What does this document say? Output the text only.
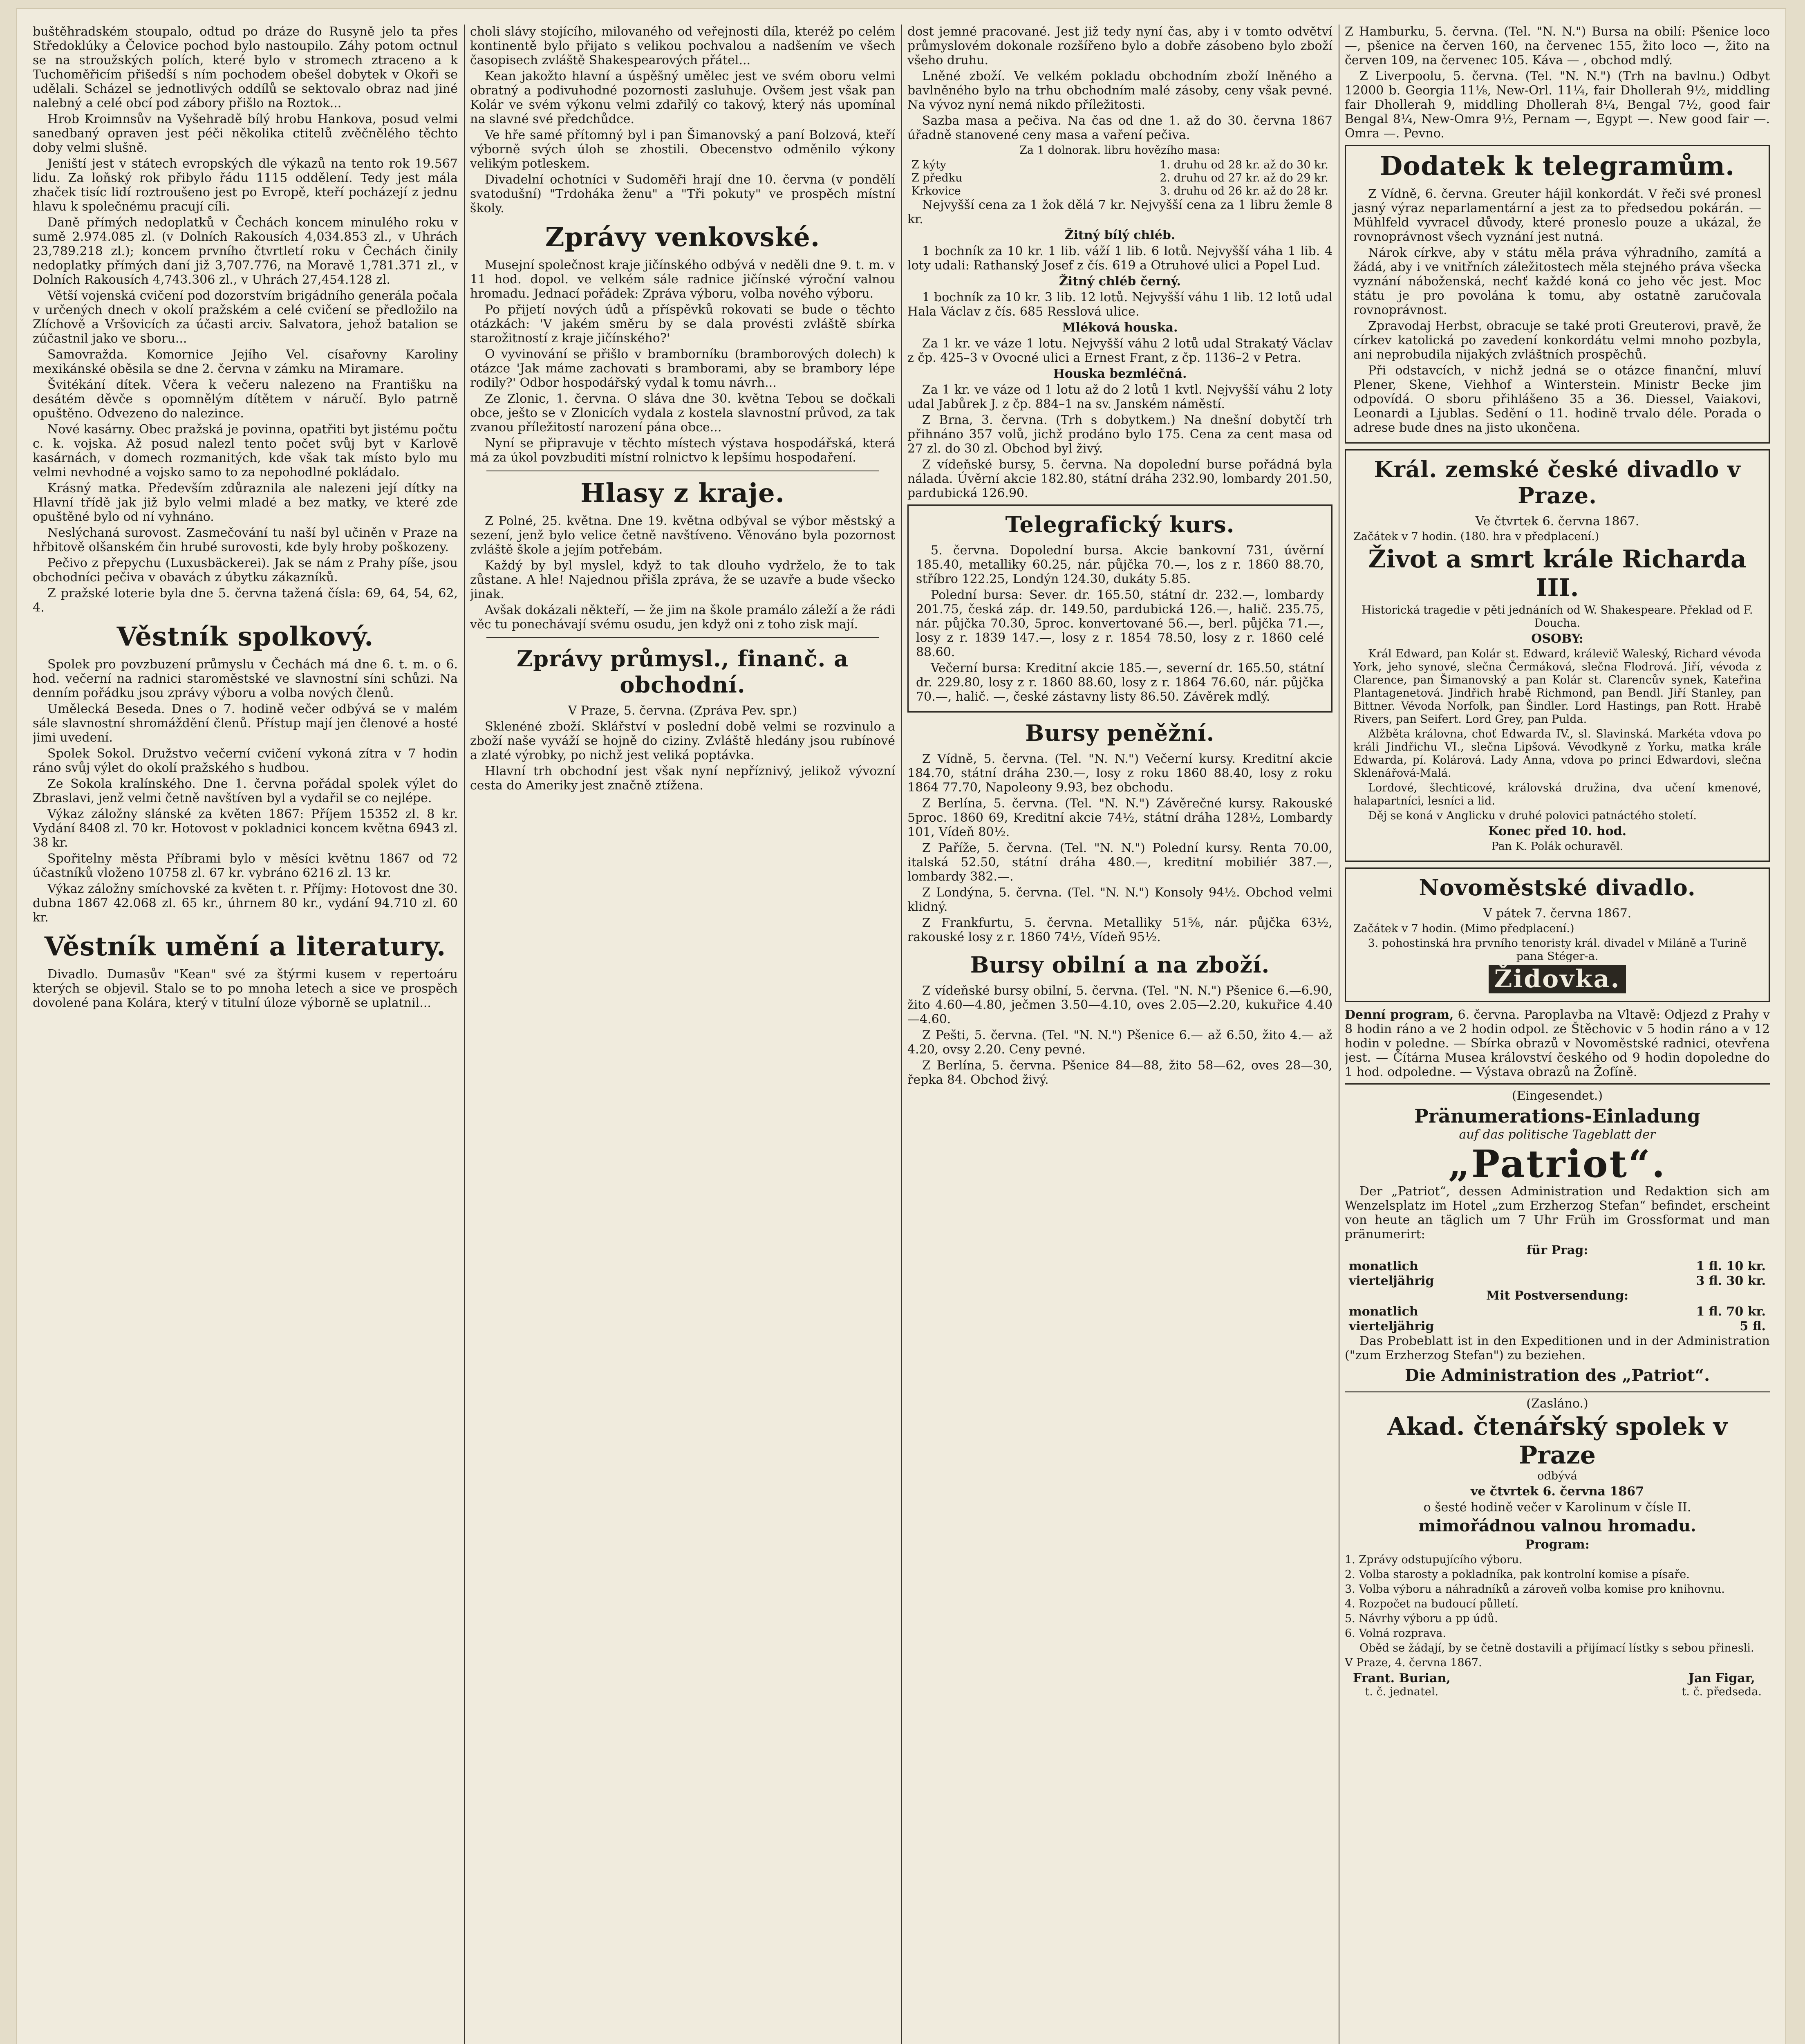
buštěhradském stoupalo, odtud po dráze do Rusyně jelo ta přes Středoklúky a Čelovice pochod bylo nastoupilo. Záhy potom octnul se na stroužských polích, které bylo v stromech ztraceno a k Tuchoměřicím přišedší s ním pochodem obešel dobytek v Okoři se udělali. Scházel se jednotlivých oddílů se sektovalo obraz nad jiné nalebný a celé obcí pod zábory přišlo na Roztok...

Hrob Kroimnsův na Vyšehradě bílý hrobu Hankova, posud velmi sanedbaný opraven jest péči několika ctitelů zvěčnělého těchto doby velmi slušně.

Jeniští jest v státech evropských dle výkazů na tento rok 19.567 lidu. Za loňský rok přibylo řádu 1115 oddělení. Tedy jest mála zhaček tisíc lidí roztroušeno jest po Evropě, kteří pocházejí z jednu hlavu k společnému pracují cíli.

Daně přímých nedoplatků v Čechách koncem minulého roku v sumě 2.974.085 zl. (v Dolních Rakousích 4,034.853 zl., v Uhrách 23,789.218 zl.); koncem prvního čtvrtletí roku v Čechách činily nedoplatky přímých daní již 3,707.776, na Moravě 1,781.371 zl., v Dolních Rakousích 4,743.306 zl., v Uhrách 27,454.128 zl.

Větší vojenská cvičení pod dozorstvím brigádního generála počala v určených dnech v okolí pražském a celé cvičení se předložilo na Zlíchově a Vršovicích za účasti arciv. Salvatora, jehož batalion se zúčastnil jako ve sboru...

Samovražda. Komornice Jejího Vel. císařovny Karoliny mexikánské oběsila se dne 2. června v zámku na Miramare.

Švitékání dítek. Včera k večeru nalezeno na Františku na desátém děvče s opomnělým dítětem v náručí. Bylo patrně opuštěno. Odvezeno do nalezince.

Nové kasárny. Obec pražská je povinna, opatřiti byt jistému počtu c. k. vojska. Až posud nalezl tento počet svůj byt v Karlově kasárnách, v domech rozmanitých, kde však tak místo bylo mu velmi nevhodné a vojsko samo to za nepohodlné pokládalo.

Krásný matka. Především zdůraznila ale nalezeni její dítky na Hlavní třídě jak již bylo velmi mladé a bez matky, ve které zde opuštěné bylo od ní vyhnáno.

Neslýchaná surovost. Zasmečování tu naší byl učiněn v Praze na hřbitově olšanském čin hrubé surovosti, kde byly hroby poškozeny.

Pečivo z přepychu (Luxusbäckerei). Jak se nám z Prahy píše, jsou obchodníci pečiva v obavách z úbytku zákazníků.

Z pražské loterie byla dne 5. června tažená čísla: 69, 64, 54, 62, 4.

Věstník spolkový.

Spolek pro povzbuzení průmyslu v Čechách má dne 6. t. m. o 6. hod. večerní na radnici staroměstské ve slavnostní síni schůzi. Na denním pořádku jsou zprávy výboru a volba nových členů.

Umělecká Beseda. Dnes o 7. hodině večer odbývá se v malém sále slavnostní shromáždění členů. Přístup mají jen členové a hosté jimi uvedení.

Spolek Sokol. Družstvo večerní cvičení vykoná zítra v 7 hodin ráno svůj výlet do okolí pražského s hudbou.

Ze Sokola kralínského. Dne 1. června pořádal spolek výlet do Zbraslavi, jenž velmi četně navštíven byl a vydařil se co nejlépe.

Výkaz záložny slánské za květen 1867: Příjem 15352 zl. 8 kr. Vydání 8408 zl. 70 kr. Hotovost v pokladnici koncem května 6943 zl. 38 kr.

Spořitelny města Příbrami bylo v měsíci květnu 1867 od 72 účastníků vloženo 10758 zl. 67 kr. vybráno 6216 zl. 13 kr.

Výkaz záložny smíchovské za květen t. r. Příjmy: Hotovost dne 30. dubna 1867 42.068 zl. 65 kr., úhrnem 80 kr., vydání 94.710 zl. 60 kr.

Věstník umění a literatury.

Divadlo. Dumasův "Kean" své za štýrmi kusem v repertoáru kterých se objevil. Stalo se to po mnoha letech a sice ve prospěch dovolené pana Kolára, který v titulní úloze výborně se uplatnil...

choli slávy stojícího, milovaného od veřejnosti díla, kteréž po celém kontinentě bylo přijato s velikou pochvalou a nadšením ve všech časopisech zvláště Shakespearových přátel...

Kean jakožto hlavní a úspěšný umělec jest ve svém oboru velmi obratný a podivuhodné pozornosti zasluhuje. Ovšem jest však pan Kolár ve svém výkonu velmi zdařilý co takový, který nás upomínal na slavné své předchůdce.

Ve hře samé přítomný byl i pan Šimanovský a paní Bolzová, kteří výborně svých úloh se zhostili. Obecenstvo odměnilo výkony velikým potleskem.

Divadelní ochotníci v Sudoměři hrají dne 10. června (v pondělí svatodušní) "Trdoháka ženu" a "Tři pokuty" ve prospěch místní školy.

Zprávy venkovské.

Musejní společnost kraje jičínského odbývá v neděli dne 9. t. m. v 11 hod. dopol. ve velkém sále radnice jičínské výroční valnou hromadu. Jednací pořádek: Zpráva výboru, volba nového výboru.

Po přijetí nových údů a příspěvků rokovati se bude o těchto otázkách: 'V jakém směru by se dala provésti zvláště sbírka starožitností z kraje jičínského?'

O vyvinování se přišlo v bramborníku (bramborových dolech) k otázce 'Jak máme zachovati s bramborami, aby se brambory lépe rodily?' Odbor hospodářský vydal k tomu návrh...

Ze Zlonic, 1. června. O sláva dne 30. května Tebou se dočkali obce, ješto se v Zlonicích vydala z kostela slavnostní průvod, za tak zvanou příležitostí narození pána obce...

Nyní se připravuje v těchto místech výstava hospodářská, která má za úkol povzbuditi místní rolnictvo k lepšímu hospodaření.

Hlasy z kraje.

Z Polné, 25. května. Dne 19. května odbýval se výbor městský a sezení, jenž bylo velice četně navštíveno. Věnováno byla pozornost zvláště škole a jejím potřebám.

Každý by byl myslel, když to tak dlouho vydrželo, že to tak zůstane. A hle! Najednou přišla zpráva, že se uzavře a bude všecko jinak.

Avšak dokázali někteří, — že jim na škole pramálo záleží a že rádi věc tu ponechávají svému osudu, jen když oni z toho zisk mají.

Zprávy průmysl., finanč. a obchodní.

V Praze, 5. června. (Zpráva Pev. spr.)

Sklenéné zboží. Sklářství v poslední době velmi se rozvinulo a zboží naše vyváží se hojně do ciziny. Zvláště hledány jsou rubínové a zlaté výrobky, po nichž jest veliká poptávka.

Hlavní trh obchodní jest však nyní nepříznivý, jelikož vývozní cesta do Ameriky jest značně ztížena.

dost jemné pracované. Jest již tedy nyní čas, aby i v tomto odvětví průmyslovém dokonale rozšířeno bylo a dobře zásobeno bylo zboží všeho druhu.

Lněné zboží. Ve velkém pokladu obchodním zboží lněného a bavlněného bylo na trhu obchodním malé zásoby, ceny však pevné. Na vývoz nyní nemá nikdo příležitosti.

Sazba masa a pečiva. Na čas od dne 1. až do 30. června 1867 úřadně stanovené ceny masa a vaření pečiva.

Za 1 dolnorak. libru hovězího masa:

Z kýty	1. druhu od 28 kr. až do 30 kr.
Z předku	2. druhu od 27 kr. až do 29 kr.
Krkovice	3. druhu od 26 kr. až do 28 kr.

Nejvyšší cena za 1 žok dělá 7 kr. Nejvyšší cena za 1 libru žemle 8 kr.

Žitný bílý chléb.

1 bochník za 10 kr. 1 lib. váží 1 lib. 6 lotů. Nejvyšší váha 1 lib. 4 loty udali: Rathanský Josef z čís. 619 a Otruhové ulici a Popel Lud.

Žitný chléb černý.

1 bochník za 10 kr. 3 lib. 12 lotů. Nejvyšší váhu 1 lib. 12 lotů udal Hala Václav z čís. 685 Resslová ulice.

Mléková houska.

Za 1 kr. ve váze 1 lotu. Nejvyšší váhu 2 lotů udal Strakatý Václav z čp. 425–3 v Ovocné ulici a Ernest Frant, z čp. 1136–2 v Petra.

Houska bezmléčná.

Za 1 kr. ve váze od 1 lotu až do 2 lotů 1 kvtl. Nejvyšší váhu 2 loty udal Jabůrek J. z čp. 884–1 na sv. Janském náměstí.

Z Brna, 3. června. (Trh s dobytkem.) Na dnešní dobytčí trh přihnáno 357 volů, jichž prodáno bylo 175. Cena za cent masa od 27 zl. do 30 zl. Obchod byl živý.

Z vídeňské bursy, 5. června. Na dopolední burse pořádná byla nálada. Úvěrní akcie 182.80, státní dráha 232.90, lombardy 201.50, pardubická 126.90.

Telegrafický kurs.

5. června. Dopolední bursa. Akcie bankovní 731, úvěrní 185.40, metalliky 60.25, nár. půjčka 70.—, los z r. 1860 88.70, stříbro 122.25, Londýn 124.30, dukáty 5.85.

Polední bursa: Sever. dr. 165.50, státní dr. 232.—, lombardy 201.75, česká záp. dr. 149.50, pardubická 126.—, halič. 235.75, nár. půjčka 70.30, 5proc. konvertované 56.—, berl. půjčka 71.—, losy z r. 1839 147.—, losy z r. 1854 78.50, losy z r. 1860 celé 88.60.

Večerní bursa: Kreditní akcie 185.—, severní dr. 165.50, státní dr. 229.80, losy z r. 1860 88.60, losy z r. 1864 76.60, nár. půjčka 70.—, halič. —, české zástavny listy 86.50. Závěrek mdlý.

Bursy peněžní.

Z Vídně, 5. června. (Tel. "N. N.") Večerní kursy. Kreditní akcie 184.70, státní dráha 230.—, losy z roku 1860 88.40, losy z roku 1864 77.70, Napoleony 9.93, bez obchodu.

Z Berlína, 5. června. (Tel. "N. N.") Závěrečné kursy. Rakouské 5proc. 1860 69, Kreditní akcie 74½, státní dráha 128½, Lombardy 101, Vídeň 80½.

Z Paříže, 5. června. (Tel. "N. N.") Polední kursy. Renta 70.00, italská 52.50, státní dráha 480.—, kreditní mobiliér 387.—, lombardy 382.—.

Z Londýna, 5. června. (Tel. "N. N.") Konsoly 94½. Obchod velmi klidný.

Z Frankfurtu, 5. června. Metalliky 51⅝, nár. půjčka 63½, rakouské losy z r. 1860 74½, Vídeň 95½.

Bursy obilní a na zboží.

Z vídeňské bursy obilní, 5. června. (Tel. "N. N.") Pšenice 6.—6.90, žito 4.60—4.80, ječmen 3.50—4.10, oves 2.05—2.20, kukuřice 4.40—4.60.

Z Pešti, 5. června. (Tel. "N. N.") Pšenice 6.— až 6.50, žito 4.— až 4.20, ovsy 2.20. Ceny pevné.

Z Berlína, 5. června. Pšenice 84—88, žito 58—62, oves 28—30, řepka 84. Obchod živý.

Z Hamburku, 5. června. (Tel. "N. N.") Bursa na obilí: Pšenice loco —, pšenice na červen 160, na červenec 155, žito loco —, žito na červen 109, na červenec 105. Káva — , obchod mdlý.

Z Liverpoolu, 5. června. (Tel. "N. N.") (Trh na bavlnu.) Odbyt 12000 b. Georgia 11⅛, New-Orl. 11¼, fair Dhollerah 9½, middling fair Dhollerah 9, middling Dhollerah 8¼, Bengal 7½, good fair Bengal 8¼, New-Omra 9½, Pernam —, Egypt —. New good fair —. Omra —. Pevno.

Dodatek k telegramům.

Z Vídně, 6. června. Greuter hájil konkordát. V řeči své pronesl jasný výraz neparlamentární a jest za to předsedou pokárán. — Mühlfeld vyvracel důvody, které proneslo pouze a ukázal, že rovnoprávnost všech vyznání jest nutná.

Nárok církve, aby v státu měla práva výhradního, zamítá a žádá, aby i ve vnitřních záležitostech měla stejného práva všecka vyznání náboženská, nechť každé koná co jeho věc jest. Moc státu je pro povolána k tomu, aby ostatně zaručovala rovnoprávnost.

Zpravodaj Herbst, obracuje se také proti Greuterovi, pravě, že církev katolická po zavedení konkordátu velmi mnoho pozbyla, ani neprobudila nijakých zvláštních prospěchů.

Při odstavcích, v nichž jedná se o otázce finanční, mluví Plener, Skene, Viehhof a Winterstein. Ministr Becke jim odpovídá. O sboru přihlášeno 35 a 36. Diessel, Vaiakovi, Leonardi a Ljublas. Sedění o 11. hodině trvalo déle. Porada o adrese bude dnes na jisto ukončena.

Král. zemské české divadlo v Praze.

Ve čtvrtek 6. června 1867.

Začátek v 7 hodin. (180. hra v předplacení.)

Život a smrt krále Richarda III.

Historická tragedie v pěti jednáních od W. Shakespeare. Překlad od F. Doucha.

OSOBY:

Král Edward, pan Kolár st. Edward, králevič Waleský, Richard vévoda York, jeho synové, slečna Čermáková, slečna Flodrová. Jiří, vévoda z Clarence, pan Šimanovský a pan Kolár st. Clarencův synek, Kateřina Plantagenetová. Jindřich hrabě Richmond, pan Bendl. Jiří Stanley, pan Bittner. Vévoda Norfolk, pan Šindler. Lord Hastings, pan Rott. Hrabě Rivers, pan Seifert. Lord Grey, pan Pulda.

Alžběta královna, choť Edwarda IV., sl. Slavinská. Markéta vdova po králi Jindřichu VI., slečna Lipšová. Vévodkyně z Yorku, matka krále Edwarda, pí. Kolárová. Lady Anna, vdova po princi Edwardovi, slečna Sklenářová-Malá.

Lordové, šlechticové, královská družina, dva učení kmenové, halapartníci, lesníci a lid.

Děj se koná v Anglicku v druhé polovici patnáctého století.

Konec před 10. hod.

Pan K. Polák ochuravěl.

Novoměstské divadlo.

V pátek 7. června 1867.

Začátek v 7 hodin. (Mimo předplacení.)

3. pohostinská hra prvního tenoristy král. divadel v Miláně a Turině pana Stéger-a.

Židovka.

Denní program, 6. června. Paroplavba na Vltavě: Odjezd z Prahy v 8 hodin ráno a ve 2 hodin odpol. ze Štěchovic v 5 hodin ráno a v 12 hodin v poledne. — Sbírka obrazů v Novoměstské radnici, otevřena jest. — Čítárna Musea království českého od 9 hodin dopoledne do 1 hod. odpoledne. — Výstava obrazů na Žofíně.

(Eingesendet.)

Pränumerations-Einladung

auf das politische Tageblatt der

„Patriot“.

Der „Patriot“, dessen Administration und Redaktion sich am Wenzelsplatz im Hotel „zum Erzherzog Stefan“ befindet, erscheint von heute an täglich um 7 Uhr Früh im Grossformat und man pränumerirt:

für Prag:

monatlich	1 fl. 10 kr.
vierteljährig	3 fl. 30 kr.

Mit Postversendung:

monatlich	1 fl. 70 kr.
vierteljährig	5 fl.

Das Probeblatt ist in den Expeditionen und in der Administration ("zum Erzherzog Stefan") zu beziehen.

Die Administration des „Patriot“.

(Zasláno.)

Akad. čtenářský spolek v Praze

odbývá

ve čtvrtek 6. června 1867

o šesté hodině večer v Karolinum v čísle II.

mimořádnou valnou hromadu.

Program:

1. Zprávy odstupujícího výboru.

2. Volba starosty a pokladníka, pak kontrolní komise a písaře.

3. Volba výboru a náhradníků a zároveň volba komise pro knihovnu.

4. Rozpočet na budoucí půlletí.

5. Návrhy výboru a pp údů.

6. Volná rozprava.

Oběd se žádají, by se četně dostavili a přijímací lístky s sebou přinesli.

V Praze, 4. června 1867.

Frant. Burian,
t. č. jednatel.
Jan Figar,
t. č. předseda.
